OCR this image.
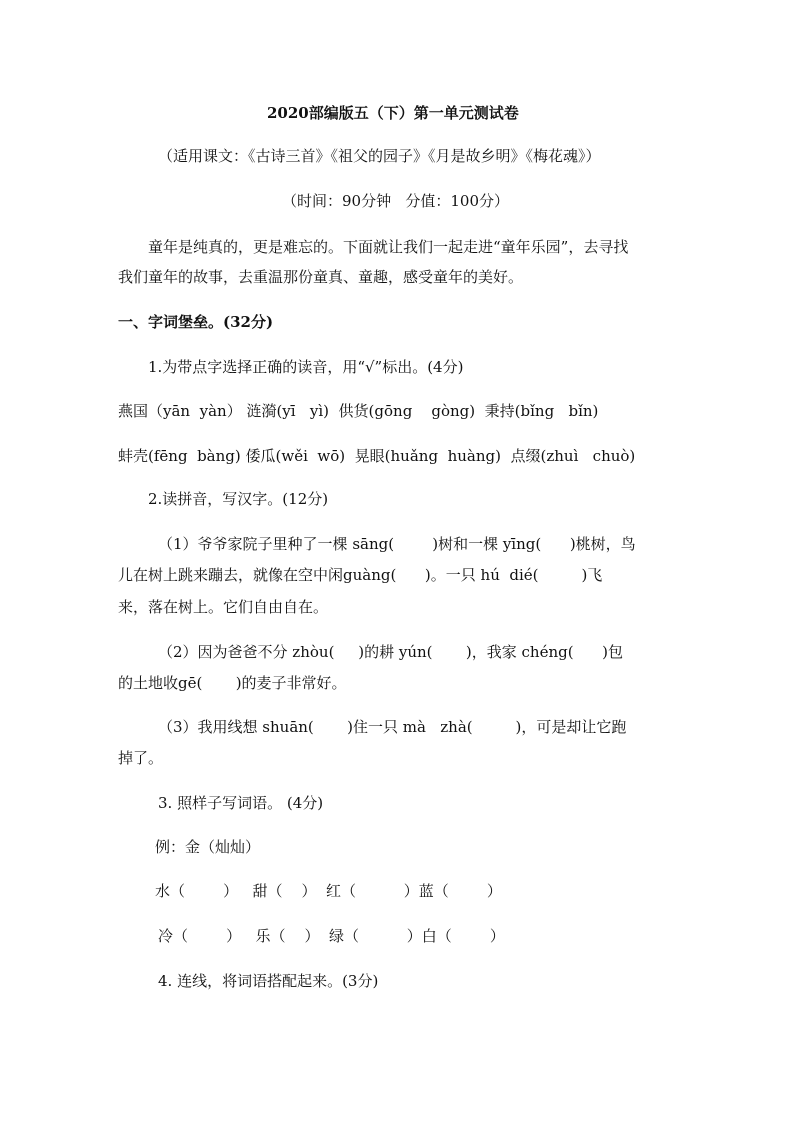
2020部编版五（下）第一单元测试卷
（适用课文：《古诗三首》《祖父的园子》《月是故乡明》《梅花魂》）
（时间：90分钟   分值：100分）
童年是纯真的，更是难忘的。下面就让我们一起走进“童年乐园”，去寻找
我们童年的故事，去重温那份童真、童趣，感受童年的美好。
一、字词堡垒。(32分)
1.为带点字选择正确的读音，用“√”标出。(4分)
燕国（yān  yàn） 涟漪(yī   yì)  供货(gōng    gòng)  秉持(bǐng   bǐn)
蚌壳(fēng  bàng) 倭瓜(wěi  wō)  晃眼(huǎng  huàng)  点缀(zhuì   chuò)
2.读拼音，写汉字。(12分)
（1）爷爷家院子里种了一棵 sāng(        )树和一棵 yīng(      )桃树，鸟
儿在树上跳来蹦去，就像在空中闲guàng(      )。一只 hú  dié(         )飞
来，落在树上。它们自由自在。
（2）因为爸爸不分 zhòu(     )的耕 yún(       )，我家 chéng(      )包
的土地收gē(       )的麦子非常好。
（3）我用线想 shuān(       )住一只 mà   zhà(         )，可是却让它跑
掉了。
3. 照样子写词语。 (4分)
例：金（灿灿）
水（        ）   甜（    ）  红（          ）蓝（        ）
冷（        ）   乐（    ）  绿（          ）白（        ）
4. 连线，将词语搭配起来。(3分)
